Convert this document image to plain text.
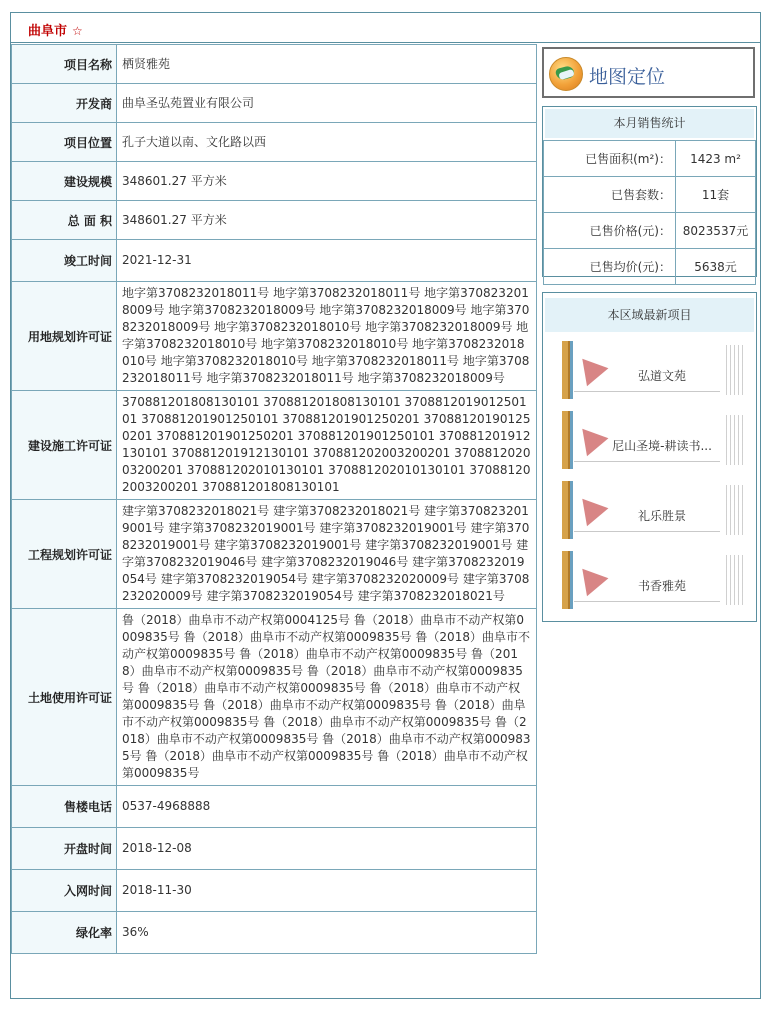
曲阜市 ☆
项目名称	栖贤雅苑
开发商	曲阜圣弘苑置业有限公司
项目位置	孔子大道以南、文化路以西
建设规模	348601.27 平方米
总 面 积	348601.27 平方米
竣工时间	2021-12-31
用地规划许可证	地字第3708232018011号 地字第3708232018011号 地字第3708232018009号 地字第3708232018009号 地字第3708232018009号 地字第3708232018009号 地字第3708232018010号 地字第3708232018009号 地字第3708232018010号 地字第3708232018010号 地字第3708232018010号 地字第3708232018010号 地字第3708232018011号 地字第3708232018011号 地字第3708232018011号 地字第3708232018009号
建设施工许可证	370881201808130101 370881201808130101 370881201901250101 370881201901250101 370881201901250201 370881201901250201 370881201901250201 370881201901250101 370881201912130101 370881201912130101 370881202003200201 370881202003200201 370881202010130101 370881202010130101 370881202003200201 370881201808130101
工程规划许可证	建字第3708232018021号 建字第3708232018021号 建字第3708232019001号 建字第3708232019001号 建字第3708232019001号 建字第3708232019001号 建字第3708232019001号 建字第3708232019001号 建字第3708232019046号 建字第3708232019046号 建字第3708232019054号 建字第3708232019054号 建字第3708232020009号 建字第3708232020009号 建字第3708232019054号 建字第3708232018021号
土地使用许可证	鲁（2018）曲阜市不动产权第0004125号 鲁（2018）曲阜市不动产权第0009835号 鲁（2018）曲阜市不动产权第0009835号 鲁（2018）曲阜市不动产权第0009835号 鲁（2018）曲阜市不动产权第0009835号 鲁（2018）曲阜市不动产权第0009835号 鲁（2018）曲阜市不动产权第0009835号 鲁（2018）曲阜市不动产权第0009835号 鲁（2018）曲阜市不动产权第0009835号 鲁（2018）曲阜市不动产权第0009835号 鲁（2018）曲阜市不动产权第0009835号 鲁（2018）曲阜市不动产权第0009835号 鲁（2018）曲阜市不动产权第0009835号 鲁（2018）曲阜市不动产权第0009835号 鲁（2018）曲阜市不动产权第0009835号 鲁（2018）曲阜市不动产权第0009835号
售楼电话	0537-4968888
开盘时间	2018-12-08
入网时间	2018-11-30
绿化率	36%
地图定位
本月销售统计
已售面积(m²)：	1423 m²
已售套数：	11套
已售价格(元)：	8023537元
已售均价(元)：	5638元
本区域最新项目
弘道文苑
尼山圣境-耕读书...
礼乐胜景
书香雅苑
